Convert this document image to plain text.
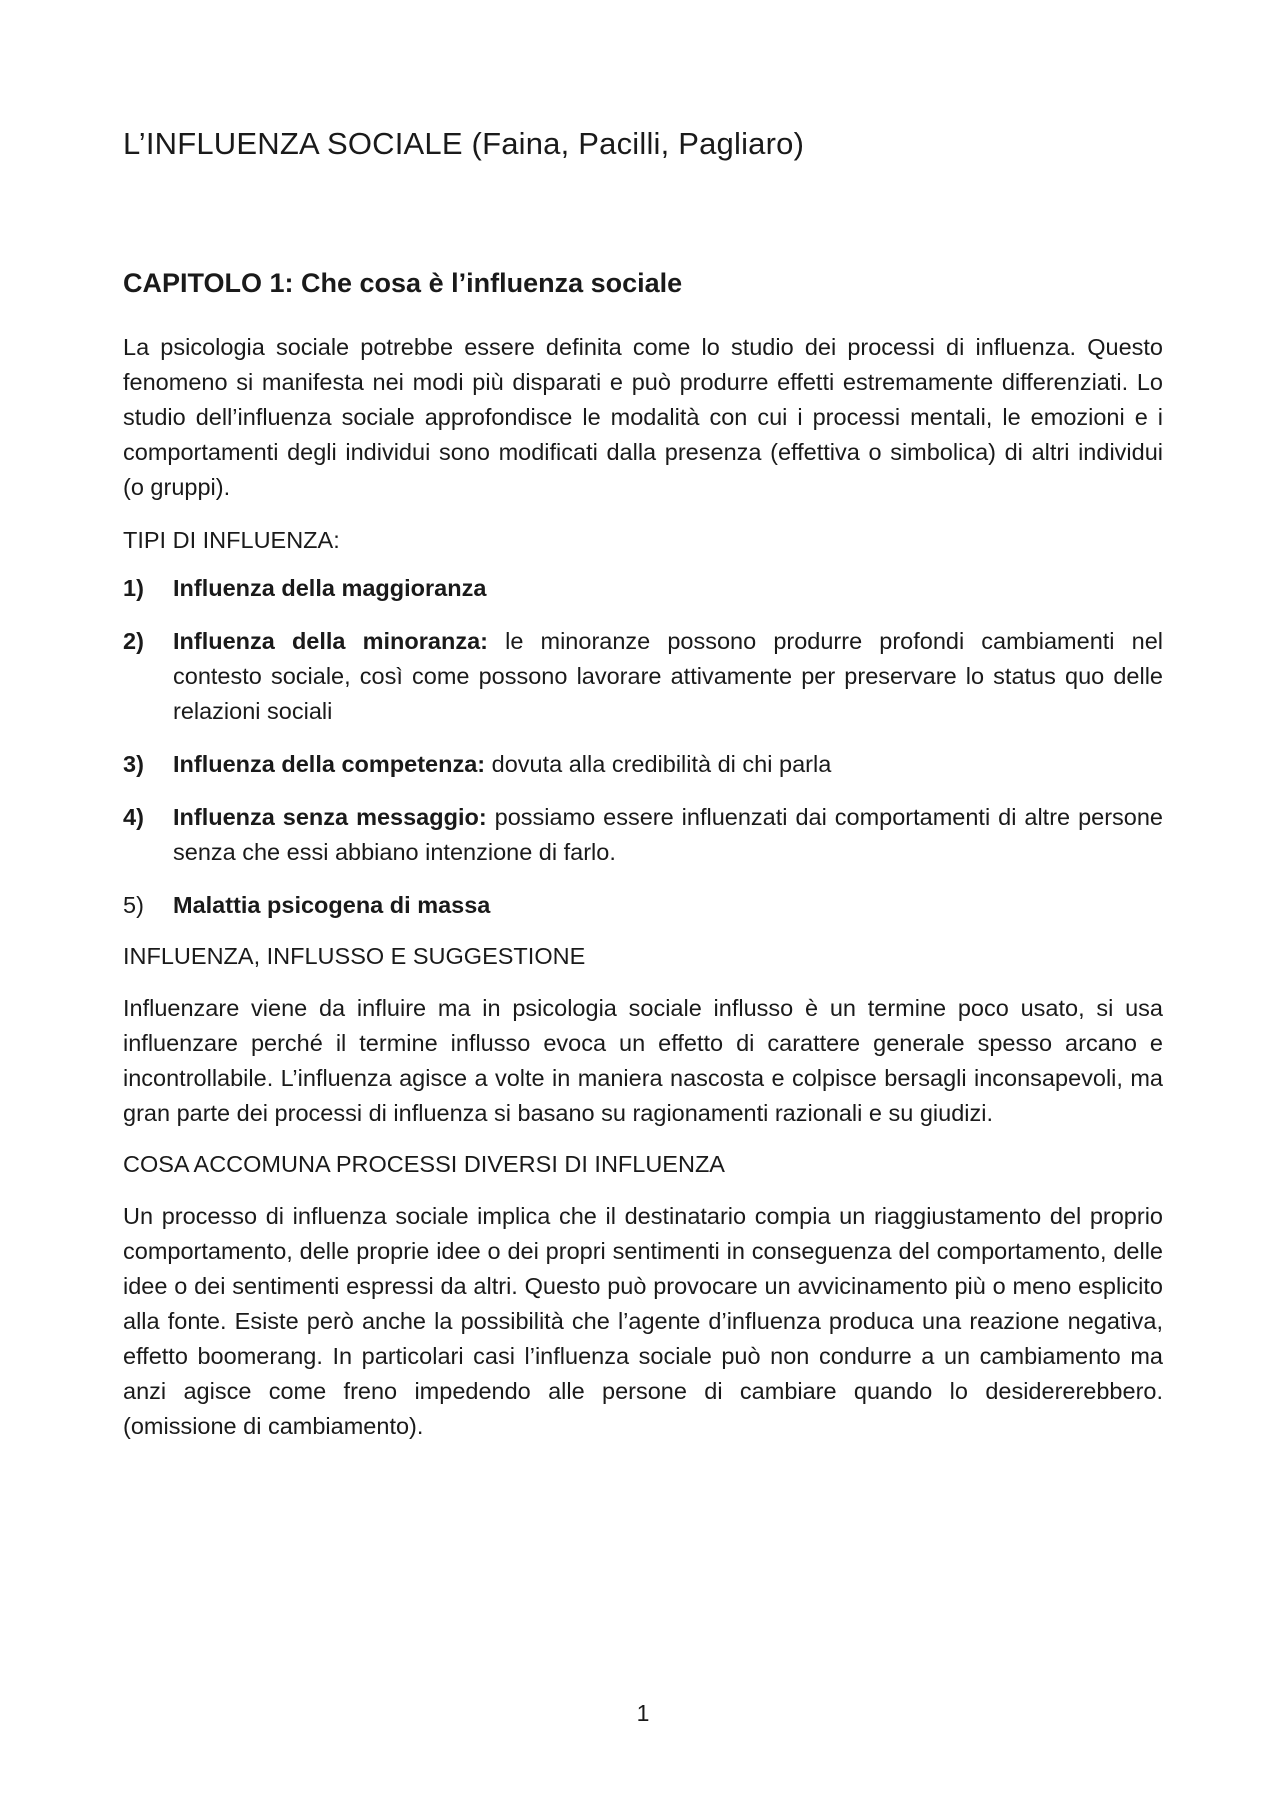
L’INFLUENZA SOCIALE (Faina, Pacilli, Pagliaro)
CAPITOLO 1: Che cosa è l’influenza sociale

La psicologia sociale potrebbe essere definita come lo studio dei processi di influenza. Questo fenomeno si manifesta nei modi più disparati e può produrre effetti estremamente differenziati. Lo studio dell’influenza sociale approfondisce le modalità con cui i processi mentali, le emozioni e i comportamenti degli individui sono modificati dalla presenza (effettiva o simbolica) di altri individui (o gruppi).

TIPI DI INFLUENZA:

1) Influenza della maggioranza
2) Influenza della minoranza: le minoranze possono produrre profondi cambiamenti nel contesto sociale, così come possono lavorare attivamente per preservare lo status quo delle relazioni sociali
3) Influenza della competenza: dovuta alla credibilità di chi parla
4) Influenza senza messaggio: possiamo essere influenzati dai comportamenti di altre persone senza che essi abbiano intenzione di farlo.
5) Malattia psicogena di massa

INFLUENZA, INFLUSSO E SUGGESTIONE

Influenzare viene da influire ma in psicologia sociale influsso è un termine poco usato, si usa influenzare perché il termine influsso evoca un effetto di carattere generale spesso arcano e incontrollabile. L’influenza agisce a volte in maniera nascosta e colpisce bersagli inconsapevoli, ma gran parte dei processi di influenza si basano su ragionamenti razionali e su giudizi.

COSA ACCOMUNA PROCESSI DIVERSI DI INFLUENZA

Un processo di influenza sociale implica che il destinatario compia un riaggiustamento del proprio comportamento, delle proprie idee o dei propri sentimenti in conseguenza del comportamento, delle idee o dei sentimenti espressi da altri. Questo può provocare un avvicinamento più o meno esplicito alla fonte. Esiste però anche la possibilità che l’agente d’influenza produca una reazione negativa, effetto boomerang. In particolari casi l’influenza sociale può non condurre a un cambiamento ma anzi agisce come freno impedendo alle persone di cambiare quando lo desidererebbero. (omissione di cambiamento).

1
